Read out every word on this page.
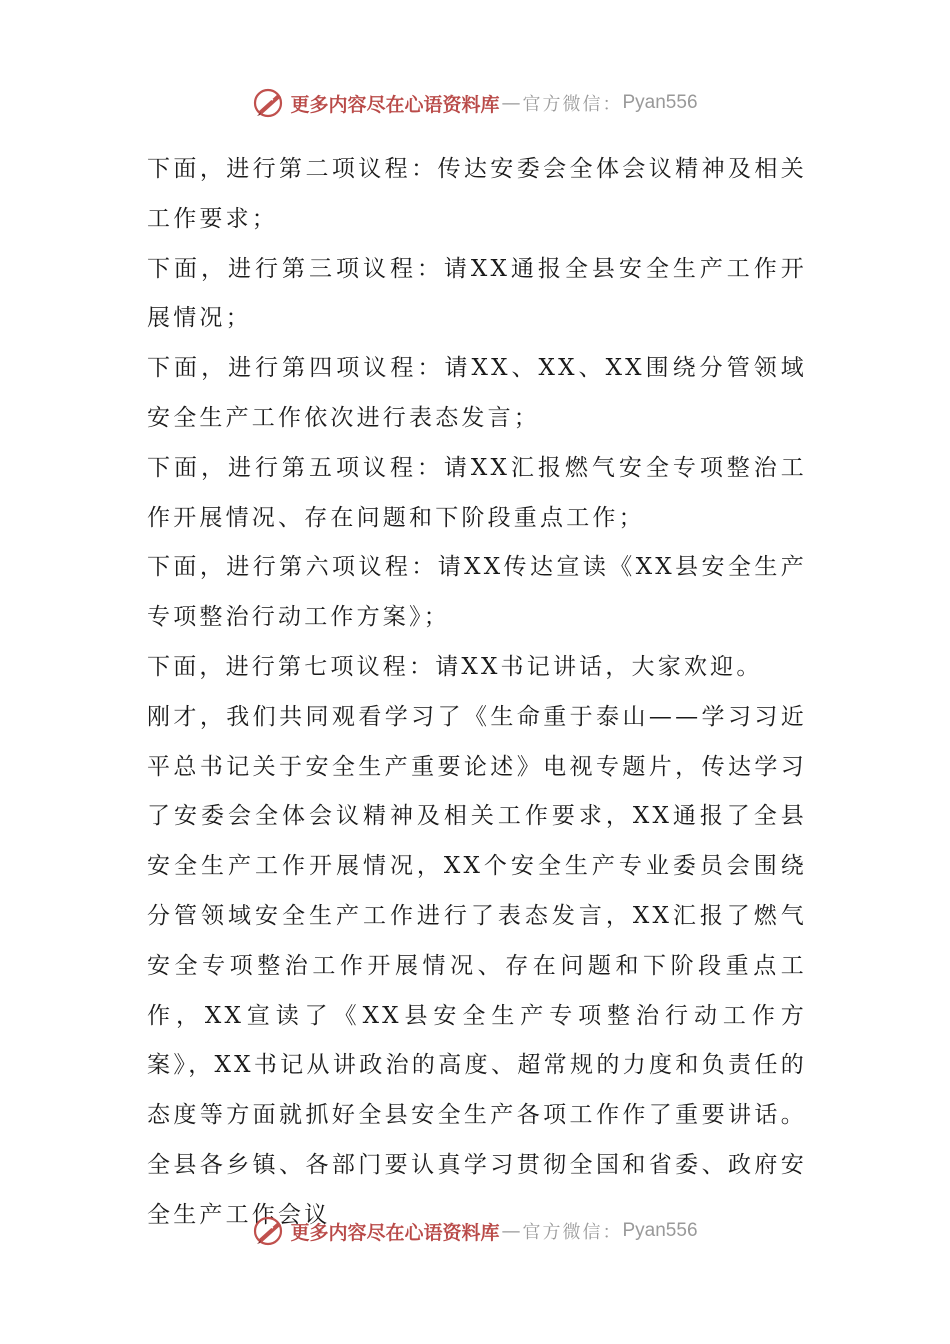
更多内容尽在心语资料库 — 官方微信： Pyan556

下面，进行第二项议程：传达安委会全体会议精神及相关工作要求；

下面，进行第三项议程：请XX通报全县安全生产工作开展情况；

下面，进行第四项议程：请XX、XX、XX围绕分管领域安全生产工作依次进行表态发言；

下面，进行第五项议程：请XX汇报燃气安全专项整治工作开展情况、存在问题和下阶段重点工作；

下面，进行第六项议程：请XX传达宣读《XX县安全生产专项整治行动工作方案》；

下面，进行第七项议程：请XX书记讲话，大家欢迎。

刚才，我们共同观看学习了《生命重于泰山——学习习近平总书记关于安全生产重要论述》电视专题片，传达学习了安委会全体会议精神及相关工作要求，XX通报了全县安全生产工作开展情况，XX个安全生产专业委员会围绕分管领域安全生产工作进行了表态发言，XX汇报了燃气安全专项整治工作开展情况、存在问题和下阶段重点工作，XX宣读了《XX县安全生产专项整治行动工作方案》，XX书记从讲政治的高度、超常规的力度和负责任的态度等方面就抓好全县安全生产各项工作作了重要讲话。全县各乡镇、各部门要认真学习贯彻全国和省委、政府安全生产工作会议

更多内容尽在心语资料库 — 官方微信： Pyan556
